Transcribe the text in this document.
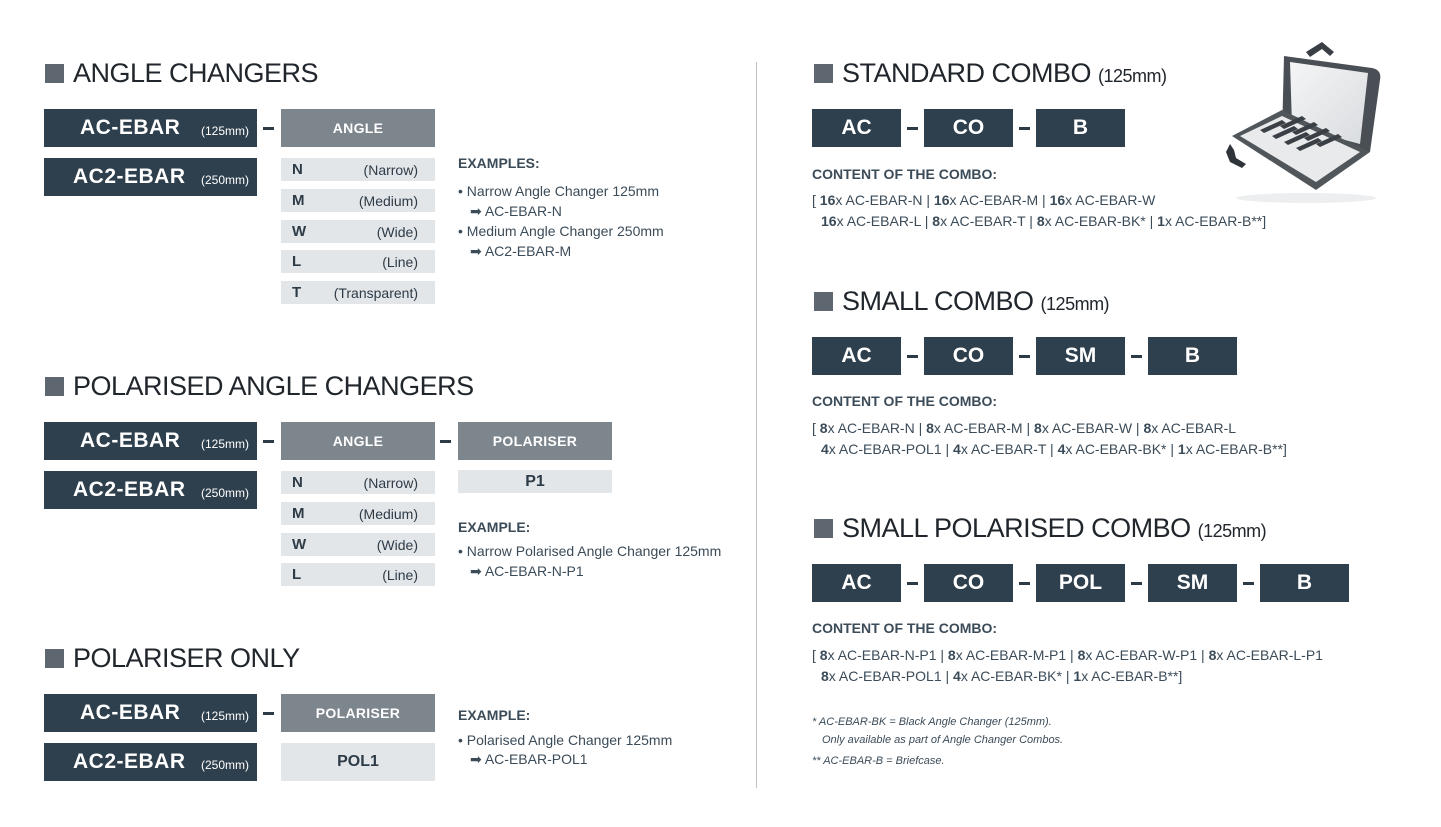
ANGLE CHANGERS
AC-EBAR (125mm)
AC2-EBAR (250mm)
ANGLE
N	(Narrow)
M	(Medium)
W	(Wide)
L	(Line)
T (Transparent)
EXAMPLES:
• Narrow Angle Changer 125mm
➡ AC-EBAR-N
• Medium Angle Changer 250mm
➡ AC2-EBAR-M
POLARISED ANGLE CHANGERS
AC-EBAR (125mm)
AC2-EBAR (250mm)
ANGLE	POLARISER
P1
N	(Narrow)
M	(Medium)
W	(Wide)
L	(Line)
EXAMPLE:
• Narrow Polarised Angle Changer 125mm
➡ AC-EBAR-N-P1
POLARISER ONLY
AC-EBAR (125mm)
AC2-EBAR (250mm)
POLARISER
POL1
EXAMPLE:
• Polarised Angle Changer 125mm
➡ AC-EBAR-POL1
STANDARD COMBO (125mm)
AC	CO	B
CONTENT OF THE COMBO:
[ 16x AC-EBAR-N | 16x AC-EBAR-M | 16x AC-EBAR-W
16x AC-EBAR-L | 8x AC-EBAR-T | 8x AC-EBAR-BK* | 1x AC-EBAR-B**]
SMALL COMBO (125mm)
AC	CO	SM	B
CONTENT OF THE COMBO:
[ 8x AC-EBAR-N | 8x AC-EBAR-M | 8x AC-EBAR-W | 8x AC-EBAR-L
4x AC-EBAR-POL1 | 4x AC-EBAR-T | 4x AC-EBAR-BK* | 1x AC-EBAR-B**]
SMALL POLARISED COMBO (125mm)
AC	CO	POL	SM	B
CONTENT OF THE COMBO:
[ 8x AC-EBAR-N-P1 | 8x AC-EBAR-M-P1 | 8x AC-EBAR-W-P1 | 8x AC-EBAR-L-P1
8x AC-EBAR-POL1 | 4x AC-EBAR-BK* | 1x AC-EBAR-B**]
* AC-EBAR-BK = Black Angle Changer (125mm).
Only available as part of Angle Changer Combos.
** AC-EBAR-B = Briefcase.
